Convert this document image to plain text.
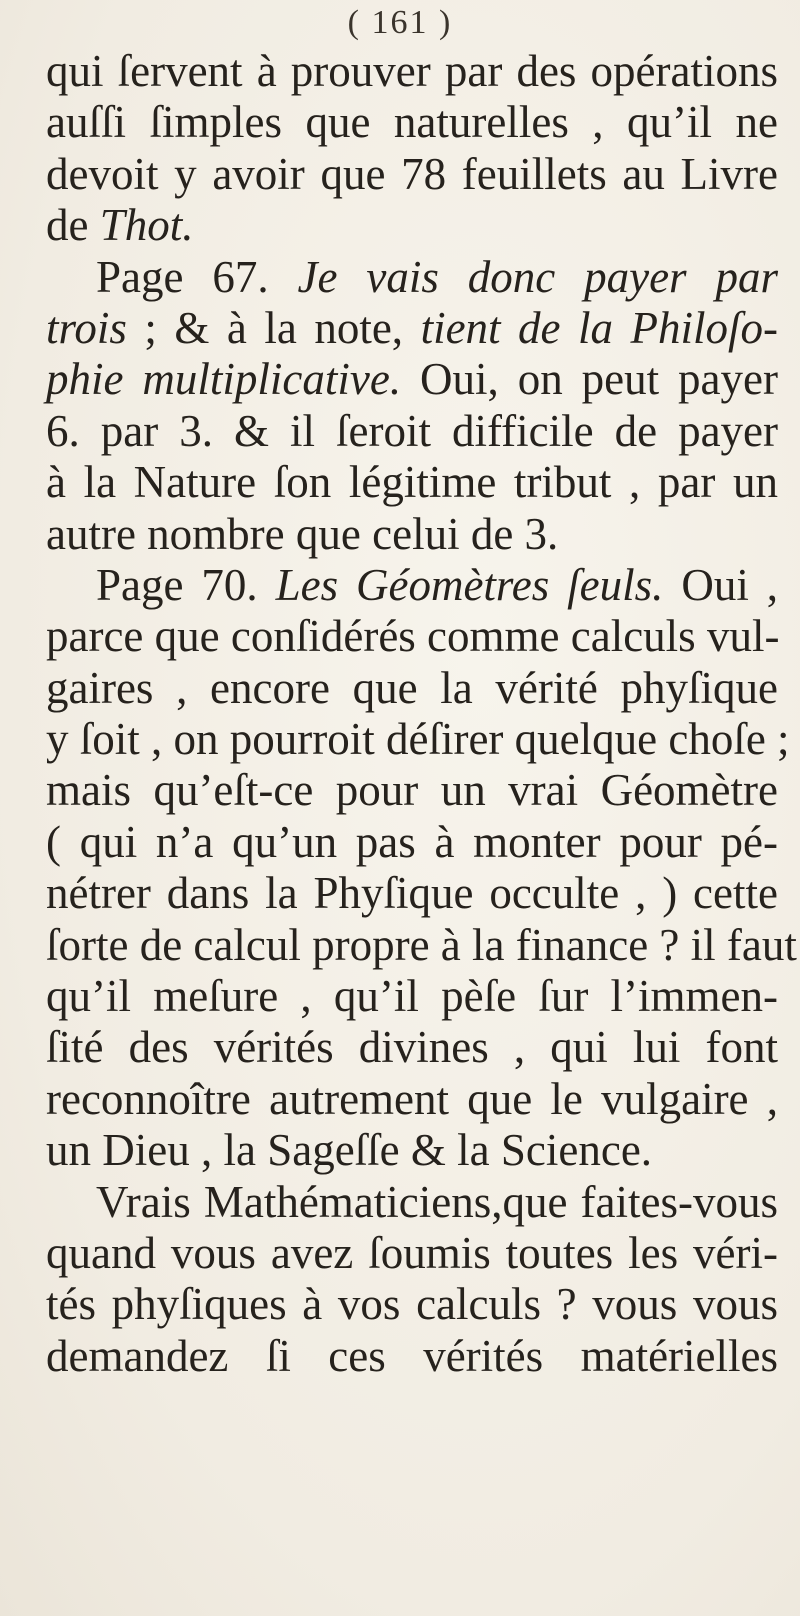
( 161 )
qui ſervent à prouver par des opérations
auſſi ſimples que naturelles , qu’il ne
devoit y avoir que 78 feuillets au Livre
de Thot.
Page 67. Je vais donc payer par
trois ; & à la note, tient de la Philoſo-
phie multiplicative. Oui, on peut payer
6. par 3. & il ſeroit difficile de payer
à la Nature ſon légitime tribut , par un
autre nombre que celui de 3.
Page 70. Les Géomètres ſeuls. Oui ,
parce que conſidérés comme calculs vul-
gaires , encore que la vérité phyſique
y ſoit , on pourroit déſirer quelque choſe ;
mais qu’eſt-ce pour un vrai Géomètre
( qui n’a qu’un pas à monter pour pé-
nétrer dans la Phyſique occulte , ) cette
ſorte de calcul propre à la finance ? il faut
qu’il meſure , qu’il pèſe ſur l’immen-
ſité des vérités divines , qui lui font
reconnoître autrement que le vulgaire ,
un Dieu , la Sageſſe & la Science.
Vrais Mathématiciens,que faites-vous
quand vous avez ſoumis toutes les véri-
tés phyſiques à vos calculs ? vous vous
demandez ſi ces vérités matérielles
